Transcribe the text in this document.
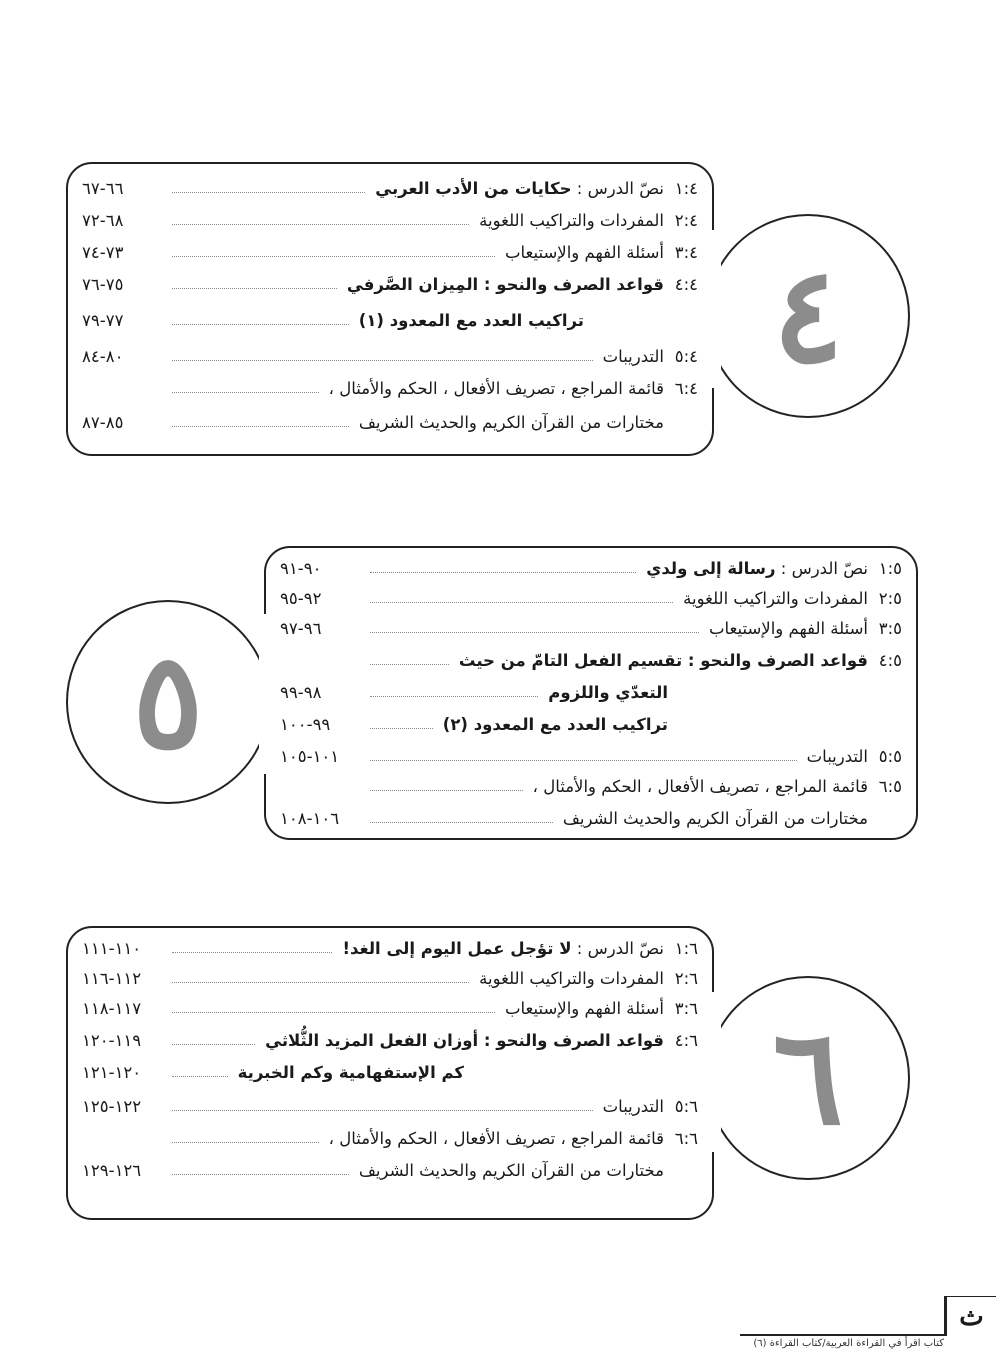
٤
١:٤
نصّ الدرس : حكايات من الأدب العربي
٦٦-٦٧
٢:٤
المفردات والتراكيب اللغوية
٦٨-٧٢
٣:٤
أسئلة الفهم والإستيعاب
٧٣-٧٤
٤:٤
قواعد الصرف والنحو : المِيزان الصَّرفي
٧٥-٧٦
تراكيب العدد مع المعدود (١)
٧٧-٧٩
٥:٤
التدريبات
٨٠-٨٤
٦:٤
قائمة المراجع ، تصريف الأفعال ، الحكم والأمثال ،
مختارات من القرآن الكريم والحديث الشريف
٨٥-٨٧
٥
١:٥
نصّ الدرس : رسالة إلى ولدي
٩٠-٩١
٢:٥
المفردات والتراكيب اللغوية
٩٢-٩٥
٣:٥
أسئلة الفهم والإستيعاب
٩٦-٩٧
٤:٥
قواعد الصرف والنحو : تقسيم الفعل التامّ من حيث
التعدّي واللزوم
٩٨-٩٩
تراكيب العدد مع المعدود (٢)
٩٩-١٠٠
٥:٥
التدريبات
١٠١-١٠٥
٦:٥
قائمة المراجع ، تصريف الأفعال ، الحكم والأمثال ،
مختارات من القرآن الكريم والحديث الشريف
١٠٦-١٠٨
٦
١:٦
نصّ الدرس : لا تؤجل عمل اليوم إلى الغد!
١١٠-١١١
٢:٦
المفردات والتراكيب اللغوية
١١٢-١١٦
٣:٦
أسئلة الفهم والإستيعاب
١١٧-١١٨
٤:٦
قواعد الصرف والنحو : أوزان الفعل المزيد الثُّلاثي
١١٩-١٢٠
كم الإستفهامية وكم الخبرية
١٢٠-١٢١
٥:٦
التدريبات
١٢٢-١٢٥
٦:٦
قائمة المراجع ، تصريف الأفعال ، الحكم والأمثال ،
مختارات من القرآن الكريم والحديث الشريف
١٢٦-١٢٩
ث
كتاب اقرأ في القراءة العربية/كتاب القراءة (٦)
